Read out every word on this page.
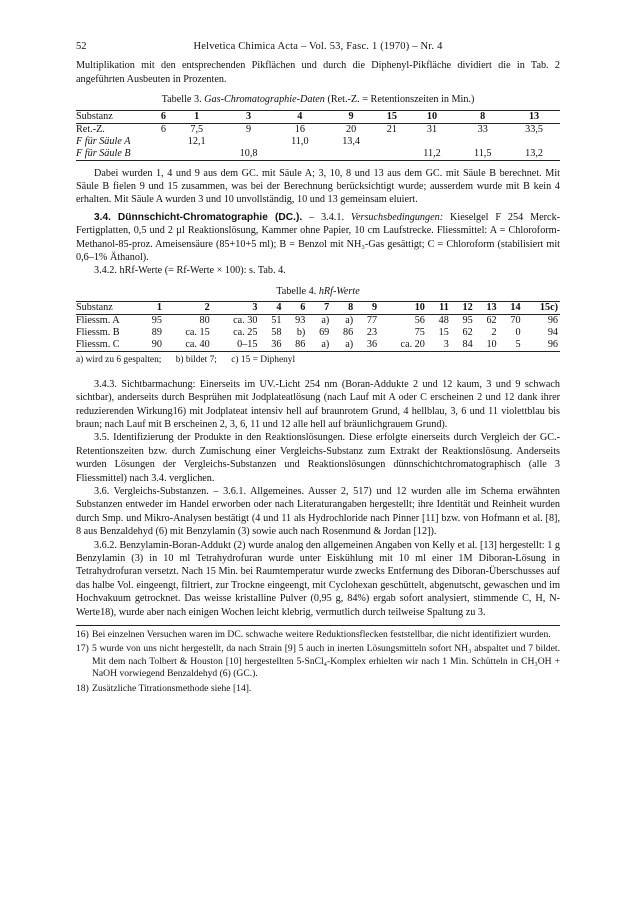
52	Helvetica Chimica Acta – Vol. 53, Fasc. 1 (1970) – Nr. 4

Multiplikation mit den entsprechenden Pikflächen und durch die Diphenyl-Pikfläche dividiert die in Tab. 2 angeführten Ausbeuten in Prozenten.

Tabelle 3. Gas-Chromatographie-Daten (Ret.-Z. = Retentionszeiten in Min.)
Substanz	6	1	3	4	9	15	10	8	13
Ret.-Z.	6	7,5	9	16	20	21	31	33	33,5
F für Säule A		12,1		11,0	13,4				
F für Säule B			10,8				11,2	11,5	13,2

Dabei wurden 1, 4 und 9 aus dem GC. mit Säule A; 3, 10, 8 und 13 aus dem GC. mit Säule B berechnet. Mit Säule B fielen 9 und 15 zusammen, was bei der Berechnung berücksichtigt wurde; ausserdem wurde mit B kein 4 erhalten. Mit Säule A wurden 3 und 10 unvollständig, 10 und 13 gemeinsam eluiert.

3.4. Dünnschicht-Chromatographie (DC.). – 3.4.1. Versuchsbedingungen: Kieselgel F 254 Merck-Fertigplatten, 0,5 und 2 µl Reaktionslösung, Kammer ohne Papier, 10 cm Laufstrecke. Fliessmittel: A = Chloroform-Methanol-85-proz. Ameisensäure (85+10+5 ml); B = Benzol mit NH₃-Gas gesättigt; C = Chloroform (stabilisiert mit 0,6–1% Äthanol).

3.4.2. hRf-Werte (= Rf-Werte × 100): s. Tab. 4.

Tabelle 4. hRf-Werte
Substanz	1	2	3	4	6	7	8	9	10	11	12	13	14	15c)
Fliessm. A	95	80	ca. 30	51	93	a)	a)	77	56	48	95	62	70	96
Fliessm. B	89	ca. 15	ca. 25	58	b)	69	86	23	75	15	62	2	0	94
Fliessm. C	90	ca. 40	0–15	36	86	a)	a)	36	ca. 20	3	84	10	5	96
a) wird zu 6 gespalten; b) bildet 7; c) 15 = Diphenyl

3.4.3. Sichtbarmachung: Einerseits im UV.-Licht 254 nm (Boran-Addukte 2 und 12 kaum, 3 und 9 schwach sichtbar), anderseits durch Besprühen mit Jodplateatlösung (nach Lauf mit A oder C erscheinen 2 und 12 dank ihrer reduzierenden Wirkung16) mit Jodplateat intensiv hell auf braunrotem Grund, 4 hellblau, 3, 6 und 11 violettblau bis braun; nach Lauf mit B erscheinen 2, 3, 6, 11 und 12 alle hell auf bräunlichgrauem Grund).

3.5. Identifizierung der Produkte in den Reaktionslösungen. Diese erfolgte einerseits durch Vergleich der GC.-Retentionszeiten bzw. durch Zumischung einer Vergleichs-Substanz zum Extrakt der Reaktionslösung. Anderseits wurden Lösungen der Vergleichs-Substanzen und Reaktionslösungen dünnschichtchromatographisch (alle 3 Fliessmittel) nach 3.4. verglichen.

3.6. Vergleichs-Substanzen. – 3.6.1. Allgemeines. Ausser 2, 517) und 12 wurden alle im Schema erwähnten Substanzen entweder im Handel erworben oder nach Literaturangaben hergestellt; ihre Identität und Reinheit wurden durch Smp. und Mikro-Analysen bestätigt (4 und 11 als Hydrochloride nach Pinner [11] bzw. von Hofmann et al. [8], 8 aus Benzaldehyd (6) mit Benzylamin (3) sowie auch nach Rosenmund & Jordan [12]).

3.6.2. Benzylamin-Boran-Addukt (2) wurde analog den allgemeinen Angaben von Kelly et al. [13] hergestellt: 1 g Benzylamin (3) in 10 ml Tetrahydrofuran wurde unter Eiskühlung mit 10 ml einer 1M Diboran-Lösung in Tetrahydrofuran versetzt. Nach 15 Min. bei Raumtemperatur wurde zwecks Entfernung des Diboran-Überschusses auf das halbe Vol. eingeengt, filtriert, zur Trockne eingeengt, mit Cyclohexan geschüttelt, abgenutscht, gewaschen und im Hochvakuum getrocknet. Das weisse kristalline Pulver (0,95 g, 84%) ergab sofort analysiert, stimmende C, H, N-Werte18), wurde aber nach einigen Wochen leicht klebrig, vermutlich durch teilweise Spaltung zu 3.

16) Bei einzelnen Versuchen waren im DC. schwache weitere Reduktionsflecken feststellbar, die nicht identifiziert wurden.
17) 5 wurde von uns nicht hergestellt, da nach Strain [9] 5 auch in inerten Lösungsmitteln sofort NH₃ abspaltet und 7 bildet. Mit dem nach Tolbert & Houston [10] hergestellten 5-SnCl₄-Komplex erhielten wir nach 1 Min. Schütteln in CH₃OH + NaOH vorwiegend Benzaldehyd (6) (GC.).
18) Zusätzliche Titrationsmethode siehe [14].
